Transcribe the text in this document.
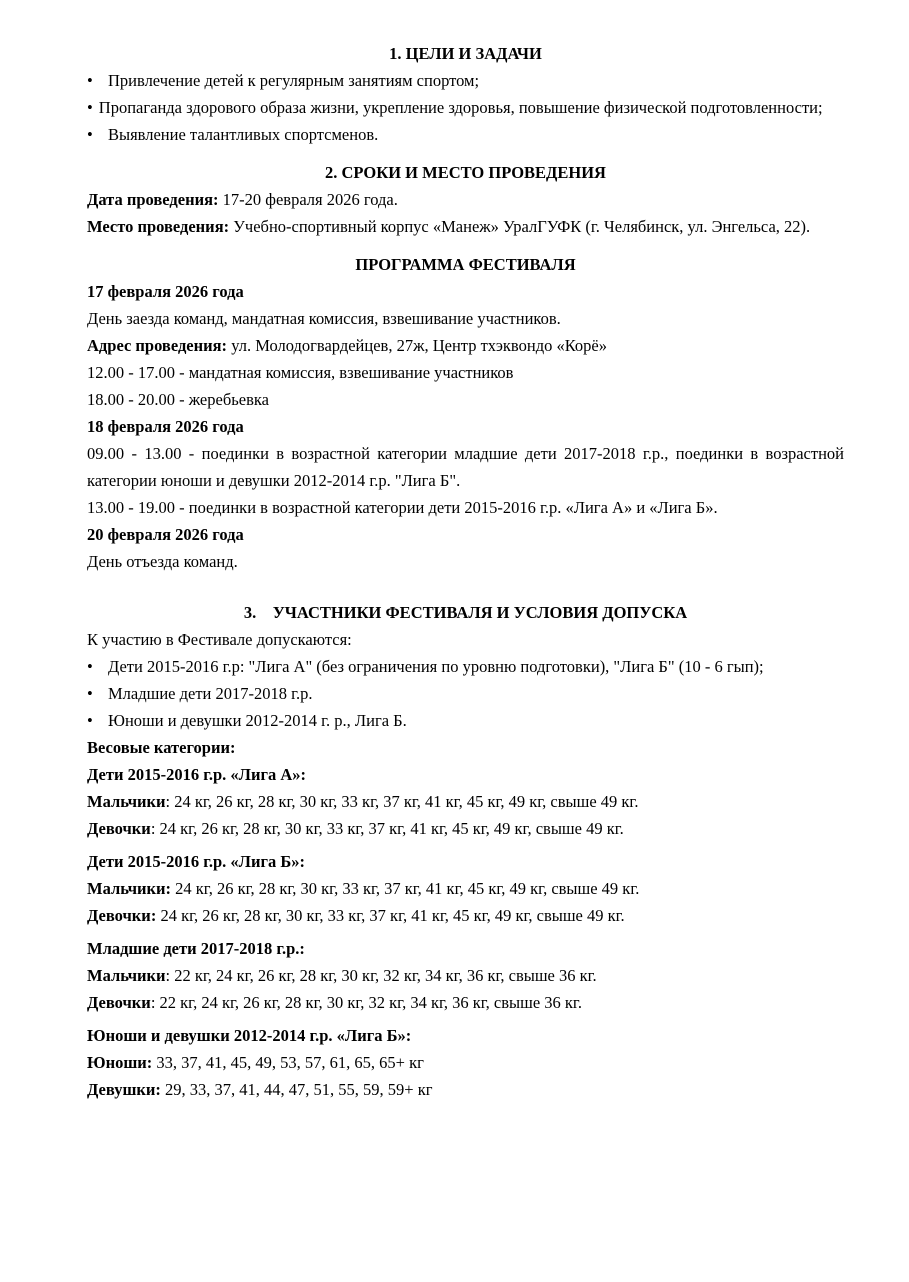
1. ЦЕЛИ И ЗАДАЧИ

• Привлечение детей к регулярным занятиям спортом;

• Пропаганда здорового образа жизни, укрепление здоровья, повышение физической подготовленности;

• Выявление талантливых спортсменов.

2. СРОКИ И МЕСТО ПРОВЕДЕНИЯ

Дата проведения: 17-20 февраля 2026 года.

Место проведения: Учебно-спортивный корпус «Манеж» УралГУФК (г. Челябинск, ул. Энгельса, 22).

ПРОГРАММА ФЕСТИВАЛЯ

17 февраля 2026 года

День заезда команд, мандатная комиссия, взвешивание участников.

Адрес проведения: ул. Молодогвардейцев, 27ж, Центр тхэквондо «Корё»

12.00 - 17.00 - мандатная комиссия, взвешивание участников

18.00 - 20.00 - жеребьевка

18 февраля 2026 года

09.00 - 13.00 - поединки в возрастной категории младшие дети 2017-2018 г.р., поединки в возрастной категории юноши и девушки 2012-2014 г.р. "Лига Б".

13.00 - 19.00 - поединки в возрастной категории дети 2015-2016 г.р. «Лига А» и «Лига Б».

20 февраля 2026 года

День отъезда команд.

3.    УЧАСТНИКИ ФЕСТИВАЛЯ И УСЛОВИЯ ДОПУСКА

К участию в Фестивале допускаются:

• Дети 2015-2016 г.р: "Лига А" (без ограничения по уровню подготовки), "Лига Б" (10 - 6 гып);

• Младшие дети 2017-2018 г.р.

• Юноши и девушки 2012-2014 г. р., Лига Б.

Весовые категории:

Дети 2015-2016 г.р. «Лига А»:

Мальчики: 24 кг, 26 кг, 28 кг, 30 кг, 33 кг, 37 кг, 41 кг, 45 кг, 49 кг, свыше 49 кг.

Девочки: 24 кг, 26 кг, 28 кг, 30 кг, 33 кг, 37 кг, 41 кг, 45 кг, 49 кг, свыше 49 кг.

Дети 2015-2016 г.р. «Лига Б»:

Мальчики: 24 кг, 26 кг, 28 кг, 30 кг, 33 кг, 37 кг, 41 кг, 45 кг, 49 кг, свыше 49 кг.

Девочки: 24 кг, 26 кг, 28 кг, 30 кг, 33 кг, 37 кг, 41 кг, 45 кг, 49 кг, свыше 49 кг.

Младшие дети 2017-2018 г.р.:

Мальчики: 22 кг, 24 кг, 26 кг, 28 кг, 30 кг, 32 кг, 34 кг, 36 кг, свыше 36 кг.

Девочки: 22 кг, 24 кг, 26 кг, 28 кг, 30 кг, 32 кг, 34 кг, 36 кг, свыше 36 кг.

Юноши и девушки 2012-2014 г.р. «Лига Б»:

Юноши: 33, 37, 41, 45, 49, 53, 57, 61, 65, 65+ кг

Девушки: 29, 33, 37, 41, 44, 47, 51, 55, 59, 59+ кг
